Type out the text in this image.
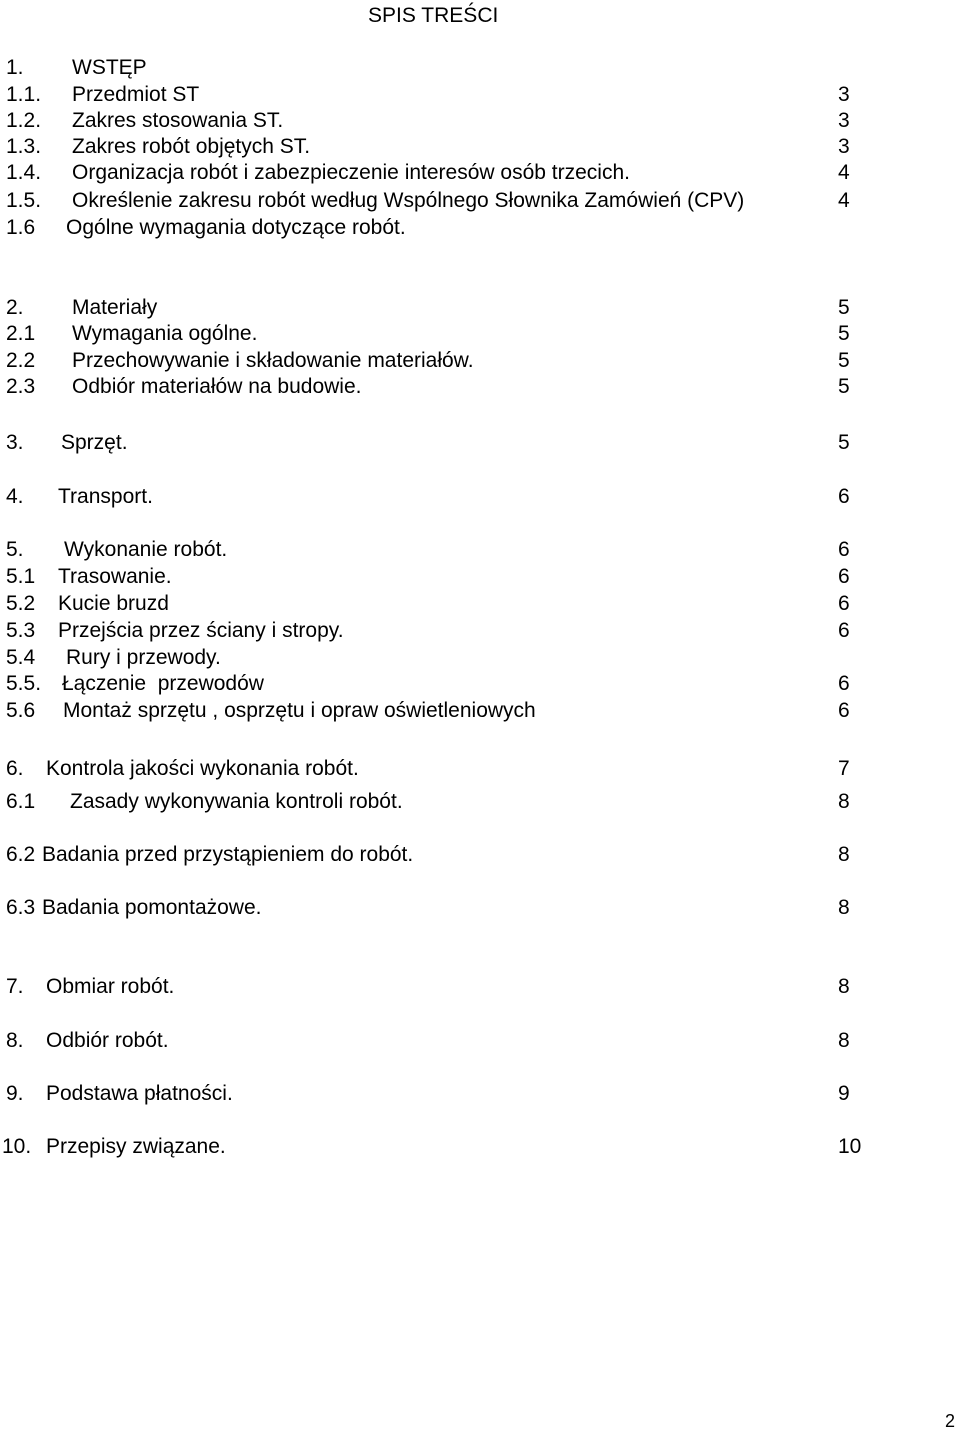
SPIS TREŚCI
1. WSTĘP
1.1. Przedmiot ST	3
1.2. Zakres stosowania ST.	3
1.3. Zakres robót objętych ST.	3
1.4. Organizacja robót i zabezpieczenie interesów osób trzecich.	4
1.5. Określenie zakresu robót według Wspólnego Słownika Zamówień (CPV)	4
1.6 Ogólne wymagania dotyczące robót.
2. Materiały	5
2.1 Wymagania ogólne.	5
2.2 Przechowywanie i składowanie materiałów.	5
2.3 Odbiór materiałów na budowie.	5
3. Sprzęt.	5
4. Transport.	6
5. Wykonanie robót.	6
5.1 Trasowanie.	6
5.2 Kucie bruzd	6
5.3 Przejścia przez ściany i stropy.	6
5.4 Rury i przewody.
5.5. Łączenie  przewodów	6
5.6 Montaż sprzętu , osprzętu i opraw oświetleniowych	6
6. Kontrola jakości wykonania robót.	7
6.1 Zasady wykonywania kontroli robót.	8
6.2 Badania przed przystąpieniem do robót.	8
6.3 Badania pomontażowe.	8
7. Obmiar robót.	8
8. Odbiór robót.	8
9. Podstawa płatności.	9
10. Przepisy związane.	10
2
